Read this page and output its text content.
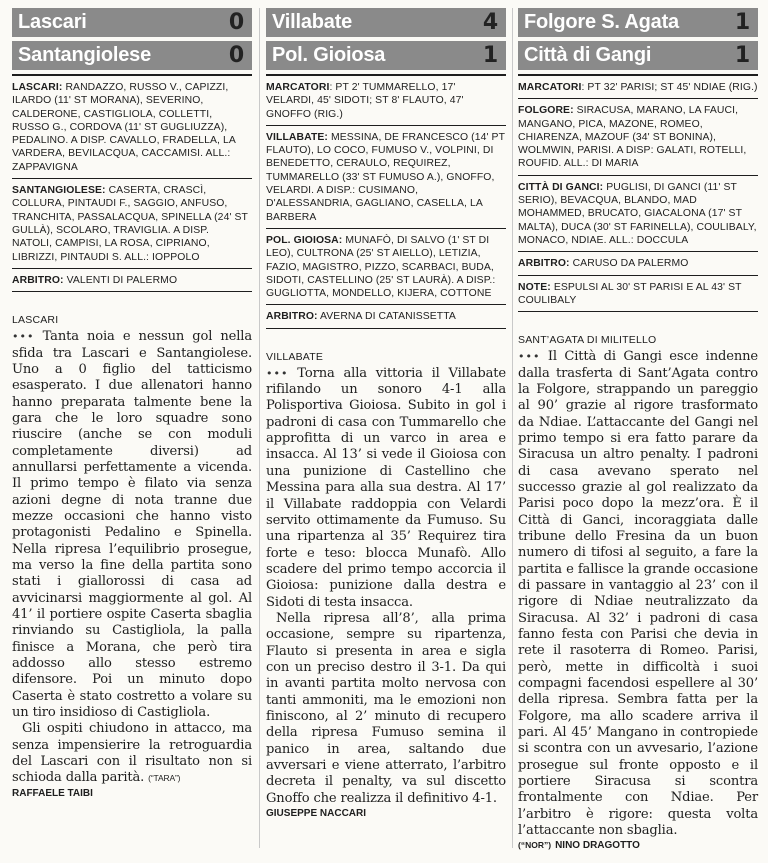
Lascari	0
Santangiolese	0
LASCARI: RANDAZZO, RUSSO V., CAPIZZI, ILARDO (11' ST MORANA), SEVERINO, CALDERONE, CASTIGLIOLA, COLLETTI, RUSSO G., CORDOVA (11' ST GUGLIUZZA), PEDALINO. A DISP. CAVALLO, FRADELLA, LA VARDERA, BEVILACQUA, CACCAMISI. ALL.: ZAPPAVIGNA
SANTANGIOLESE: CASERTA, CRASCÌ, COLLURA, PINTAUDI F., SAGGIO, ANFUSO, TRANCHITA, PASSALACQUA, SPINELLA (24' ST GULLÀ), SCOLARO, TRAVIGLIA. A DISP. NATOLI, CAMPISI, LA ROSA, CIPRIANO, LIBRIZZI, PINTAUDI S. ALL.: IOPPOLO
ARBITRO: VALENTI DI PALERMO
LASCARI

••• Tanta noia e nessun gol nella sfida tra Lascari e Santangiolese. Uno a 0 figlio del tatticismo esasperato. I due allenatori hanno hanno preparata talmente bene la gara che le loro squadre sono riuscire (anche se con moduli completamente diversi) ad annullarsi perfettamente a vicenda. Il primo tempo è filato via senza azioni degne di nota tranne due mezze occasioni che hanno visto protagonisti Pedalino e Spinella. Nella ripresa l’equilibrio prosegue, ma verso la fine della partita sono stati i giallorossi di casa ad avvicinarsi maggiormente al gol. Al 41’ il portiere ospite Caserta sbaglia rinviando su Castigliola, la palla finisce a Morana, che però tira addosso allo stesso estremo difensore. Poi un minuto dopo Caserta è stato costretto a volare su un tiro insidioso di Castigliola.

Gli ospiti chiudono in attacco, ma senza impensierire la retroguardia del Lascari con il risultato non si schioda dalla parità. (“TARA”)

RAFFAELE TAIBI
Villabate	4
Pol. Gioiosa	1
MARCATORI: PT 2' TUMMARELLO, 17' VELARDI, 45' SIDOTI; ST 8' FLAUTO, 47' GNOFFO (RIG.)
VILLABATE: MESSINA, DE FRANCESCO (14' PT FLAUTO), LO COCO, FUMUSO V., VOLPINI, DI BENEDETTO, CERAULO, REQUIREZ, TUMMARELLO (33' ST FUMUSO A.), GNOFFO, VELARDI. A DISP.: CUSIMANO, D'ALESSANDRIA, GAGLIANO, CASELLA, LA BARBERA
POL. GIOIOSA: MUNAFÒ, DI SALVO (1' ST DI LEO), CULTRONA (25' ST AIELLO), LETIZIA, FAZIO, MAGISTRO, PIZZO, SCARBACI, BUDA, SIDOTI, CASTELLINO (25' ST LAURÀ). A DISP.: GUGLIOTTA, MONDELLO, KIJERA, COTTONE
ARBITRO: AVERNA DI CATANISSETTA
VILLABATE

••• Torna alla vittoria il Villabate rifilando un sonoro 4-1 alla Polisportiva Gioiosa. Subito in gol i padroni di casa con Tummarello che approfitta di un varco in area e insacca. Al 13’ si vede il Gioiosa con una punizione di Castellino che Messina para alla sua destra. Al 17’ il Villabate raddoppia con Velardi servito ottimamente da Fumuso. Su una ripartenza al 35’ Requirez tira forte e teso: blocca Munafò. Allo scadere del primo tempo accorcia il Gioiosa: punizione dalla destra e Sidoti di testa insacca.

Nella ripresa all’8’, alla prima occasione, sempre su ripartenza, Flauto si presenta in area e sigla con un preciso destro il 3-1. Da qui in avanti partita molto nervosa con tanti ammoniti, ma le emozioni non finiscono, al 2’ minuto di recupero della ripresa Fumuso semina il panico in area, saltando due avversari e viene atterrato, l’arbitro decreta il penalty, va sul discetto Gnoffo che realizza il definitivo 4-1.

GIUSEPPE NACCARI
Folgore S. Agata	1
Città di Gangi	1
MARCATORI: PT 32' PARISI; ST 45' NDIAE (RIG.)
FOLGORE: SIRACUSA, MARANO, LA FAUCI, MANGANO, PICA, MAZONE, ROMEO, CHIARENZA, MAZOUF (34' ST BONINA), WOLMWIN, PARISI. A DISP: GALATI, ROTELLI, ROUFID. ALL.: DI MARIA
CITTÀ DI GANCI: PUGLISI, DI GANCI (11' ST SERIO), BEVACQUA, BLANDO, MAD MOHAMMED, BRUCATO, GIACALONA (17' ST MALTA), DUCA (30' ST FARINELLA), COULIBALY, MONACO, NDIAE. ALL.: DOCCULA
ARBITRO: CARUSO DA PALERMO
NOTE: ESPULSI AL 30' ST PARISI E AL 43' ST COULIBALY
SANT’AGATA DI MILITELLO

••• Il Città di Gangi esce indenne dalla trasferta di Sant’Agata contro la Folgore, strappando un pareggio al 90’ grazie al rigore trasformato da Ndiae. L’attaccante del Gangi nel primo tempo si era fatto parare da Siracusa un altro penalty. I padroni di casa avevano sperato nel successo grazie al gol realizzato da Parisi poco dopo la mezz’ora. È il Città di Ganci, incoraggiata dalle tribune dello Fresina da un buon numero di tifosi al seguito, a fare la partita e fallisce la grande occasione di passare in vantaggio al 23’ con il rigore di Ndiae neutralizzato da Siracusa. Al 32’ i padroni di casa fanno festa con Parisi che devia in rete il rasoterra di Romeo. Parisi, però, mette in difficoltà i suoi compagni facendosi espellere al 30’ della ripresa. Sembra fatta per la Folgore, ma allo scadere arriva il pari. Al 45’ Mangano in contropiede si scontra con un avvesario, l’azione prosegue sul fronte opposto e il portiere Siracusa si scontra frontalmente con Ndiae. Per l’arbitro è rigore: questa volta l’attaccante non sbaglia.

(“NOR”) NINO DRAGOTTO
